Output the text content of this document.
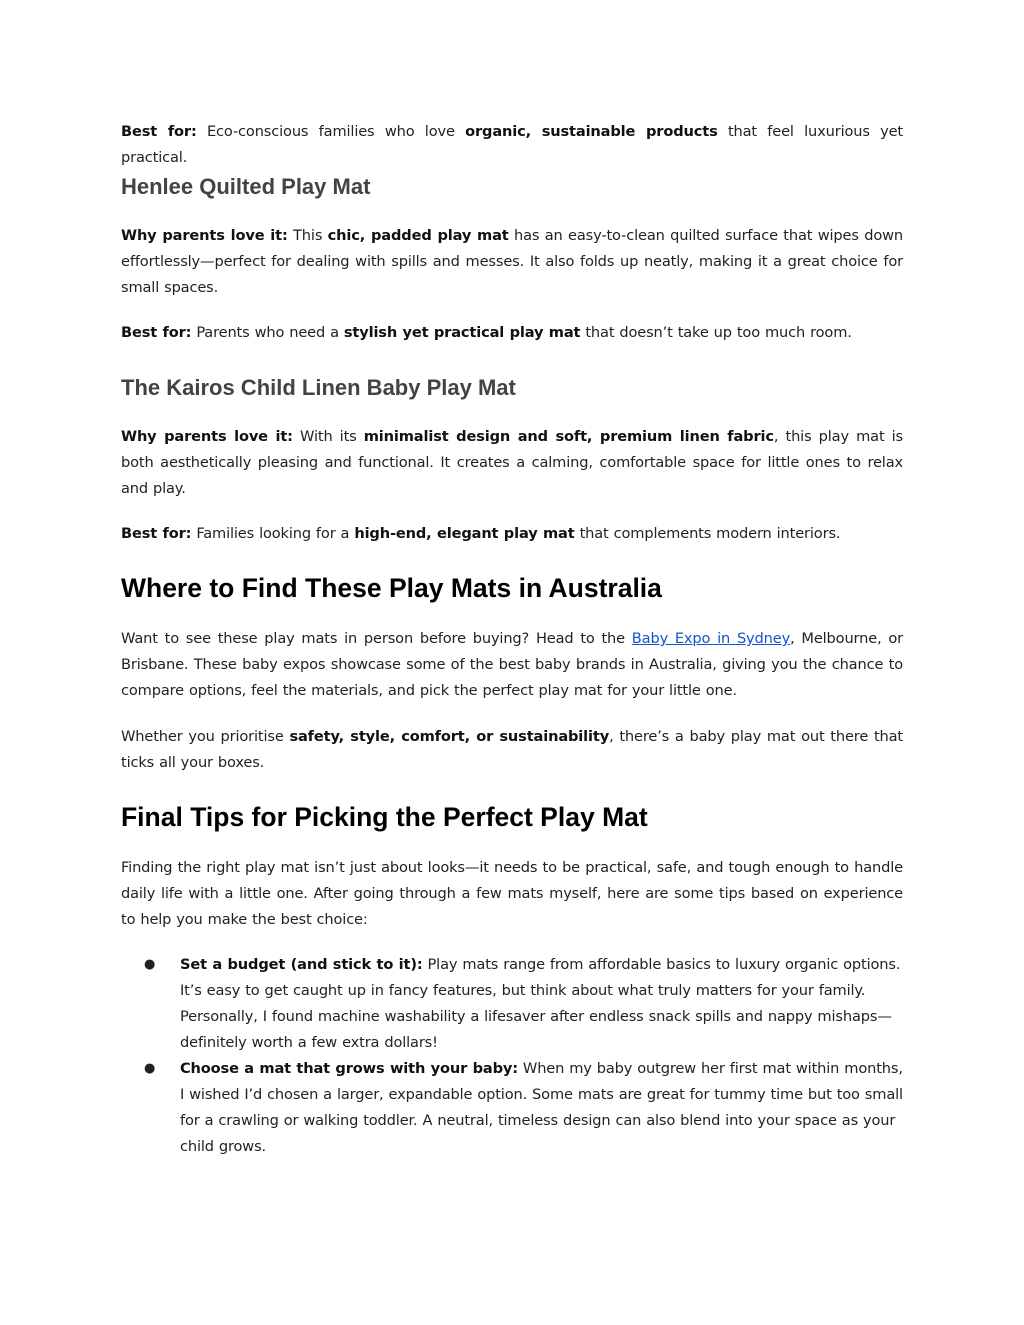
Best for: Eco-conscious families who love organic, sustainable products that feel luxurious yet practical.

Henlee Quilted Play Mat

Why parents love it: This chic, padded play mat has an easy-to-clean quilted surface that wipes down effortlessly—perfect for dealing with spills and messes. It also folds up neatly, making it a great choice for small spaces.

Best for: Parents who need a stylish yet practical play mat that doesn’t take up too much room.

The Kairos Child Linen Baby Play Mat

Why parents love it: With its minimalist design and soft, premium linen fabric, this play mat is both aesthetically pleasing and functional. It creates a calming, comfortable space for little ones to relax and play.

Best for: Families looking for a high-end, elegant play mat that complements modern interiors.

Where to Find These Play Mats in Australia

Want to see these play mats in person before buying? Head to the Baby Expo in Sydney, Melbourne, or Brisbane. These baby expos showcase some of the best baby brands in Australia, giving you the chance to compare options, feel the materials, and pick the perfect play mat for your little one.

Whether you prioritise safety, style, comfort, or sustainability, there’s a baby play mat out there that ticks all your boxes.

Final Tips for Picking the Perfect Play Mat

Finding the right play mat isn’t just about looks—it needs to be practical, safe, and tough enough to handle daily life with a little one. After going through a few mats myself, here are some tips based on experience to help you make the best choice:

● Set a budget (and stick to it): Play mats range from affordable basics to luxury organic options. It’s easy to get caught up in fancy features, but think about what truly matters for your family. Personally, I found machine washability a lifesaver after endless snack spills and nappy mishaps—definitely worth a few extra dollars!
● Choose a mat that grows with your baby: When my baby outgrew her first mat within months, I wished I’d chosen a larger, expandable option. Some mats are great for tummy time but too small for a crawling or walking toddler. A neutral, timeless design can also blend into your space as your child grows.
